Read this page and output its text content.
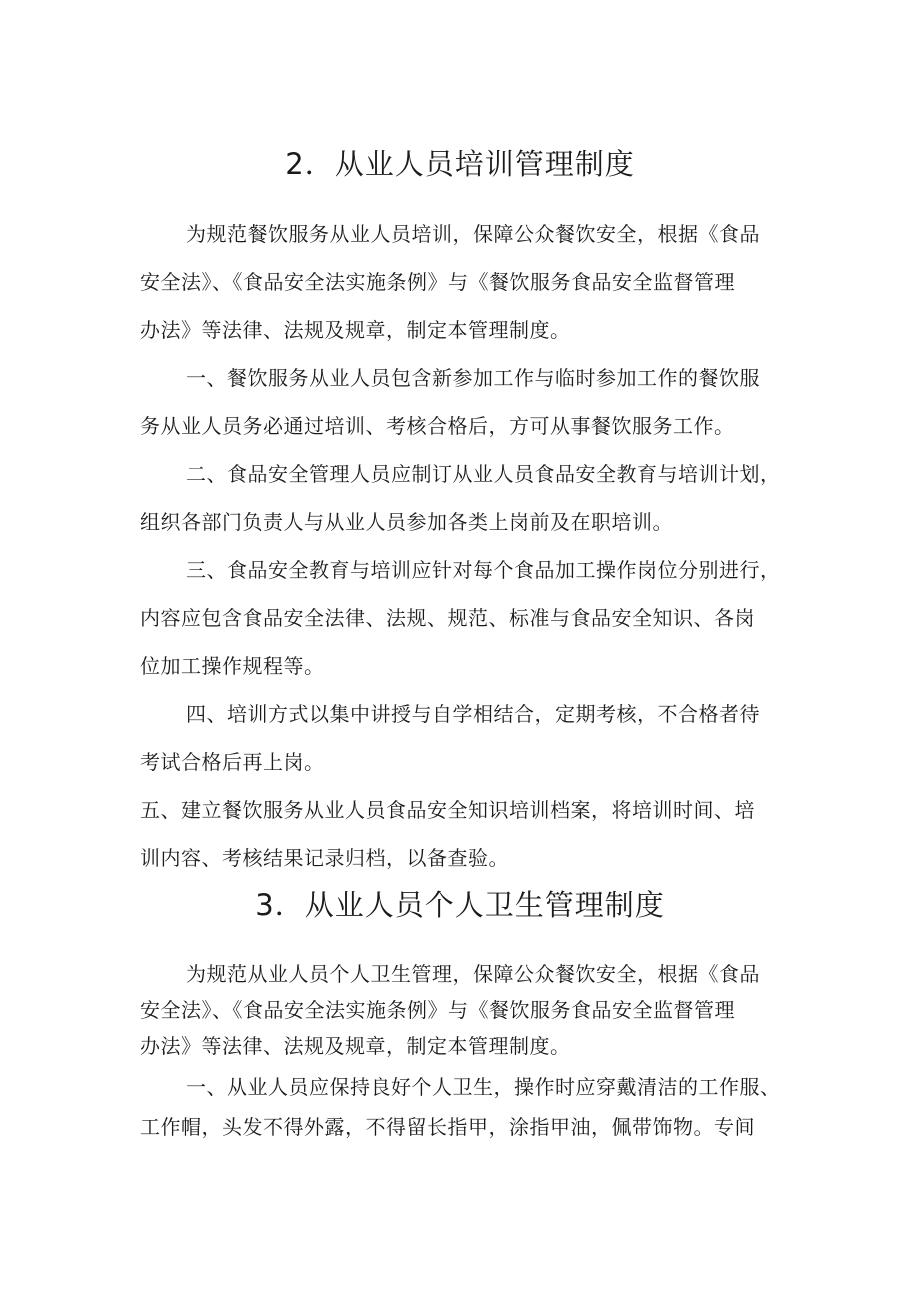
2．从业人员培训管理制度

为规范餐饮服务从业人员培训，保障公众餐饮安全，根据《食品

安全法》、《食品安全法实施条例》与《餐饮服务食品安全监督管理

办法》等法律、法规及规章，制定本管理制度。

一、餐饮服务从业人员包含新参加工作与临时参加工作的餐饮服

务从业人员务必通过培训、考核合格后，方可从事餐饮服务工作。

二、食品安全管理人员应制订从业人员食品安全教育与培训计划，

组织各部门负责人与从业人员参加各类上岗前及在职培训。

三、食品安全教育与培训应针对每个食品加工操作岗位分别进行，

内容应包含食品安全法律、法规、规范、标准与食品安全知识、各岗

位加工操作规程等。

四、培训方式以集中讲授与自学相结合，定期考核，不合格者待

考试合格后再上岗。

五、建立餐饮服务从业人员食品安全知识培训档案，将培训时间、培

训内容、考核结果记录归档，以备查验。

3．从业人员个人卫生管理制度

为规范从业人员个人卫生管理，保障公众餐饮安全，根据《食品

安全法》、《食品安全法实施条例》与《餐饮服务食品安全监督管理

办法》等法律、法规及规章，制定本管理制度。

一、从业人员应保持良好个人卫生，操作时应穿戴清洁的工作服、

工作帽，头发不得外露，不得留长指甲，涂指甲油，佩带饰物。专间
